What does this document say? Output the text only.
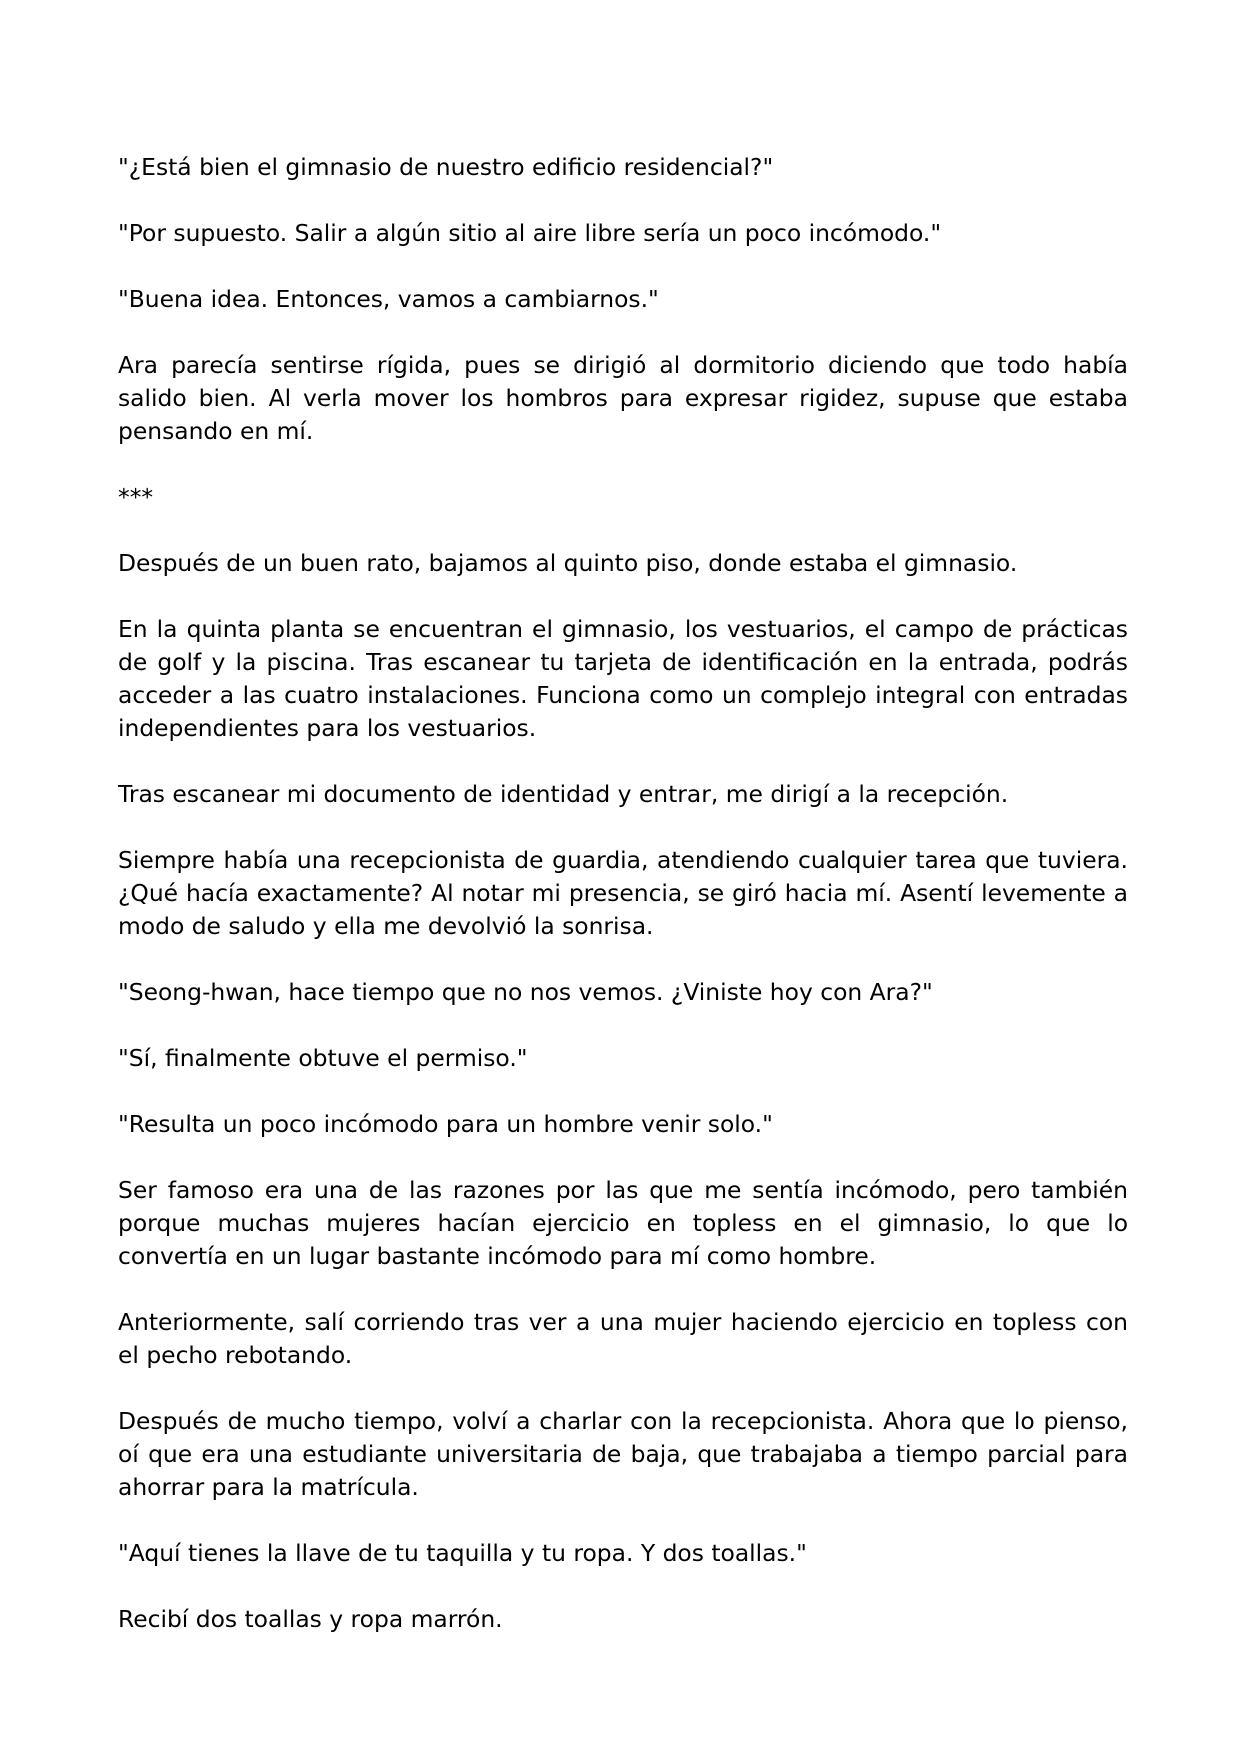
"¿Está bien el gimnasio de nuestro edificio residencial?"

"Por supuesto. Salir a algún sitio al aire libre sería un poco incómodo."

"Buena idea. Entonces, vamos a cambiarnos."

Ara parecía sentirse rígida, pues se dirigió al dormitorio diciendo que todo había salido bien. Al verla mover los hombros para expresar rigidez, supuse que estaba pensando en mí.

***

Después de un buen rato, bajamos al quinto piso, donde estaba el gimnasio.

En la quinta planta se encuentran el gimnasio, los vestuarios, el campo de prácticas de golf y la piscina. Tras escanear tu tarjeta de identificación en la entrada, podrás acceder a las cuatro instalaciones. Funciona como un complejo integral con entradas independientes para los vestuarios.

Tras escanear mi documento de identidad y entrar, me dirigí a la recepción.

Siempre había una recepcionista de guardia, atendiendo cualquier tarea que tuviera. ¿Qué hacía exactamente? Al notar mi presencia, se giró hacia mí. Asentí levemente a modo de saludo y ella me devolvió la sonrisa.

"Seong-hwan, hace tiempo que no nos vemos. ¿Viniste hoy con Ara?"

"Sí, finalmente obtuve el permiso."

"Resulta un poco incómodo para un hombre venir solo."

Ser famoso era una de las razones por las que me sentía incómodo, pero también porque muchas mujeres hacían ejercicio en topless en el gimnasio, lo que lo convertía en un lugar bastante incómodo para mí como hombre.

Anteriormente, salí corriendo tras ver a una mujer haciendo ejercicio en topless con el pecho rebotando.

Después de mucho tiempo, volví a charlar con la recepcionista. Ahora que lo pienso, oí que era una estudiante universitaria de baja, que trabajaba a tiempo parcial para ahorrar para la matrícula.

"Aquí tienes la llave de tu taquilla y tu ropa. Y dos toallas."

Recibí dos toallas y ropa marrón.
